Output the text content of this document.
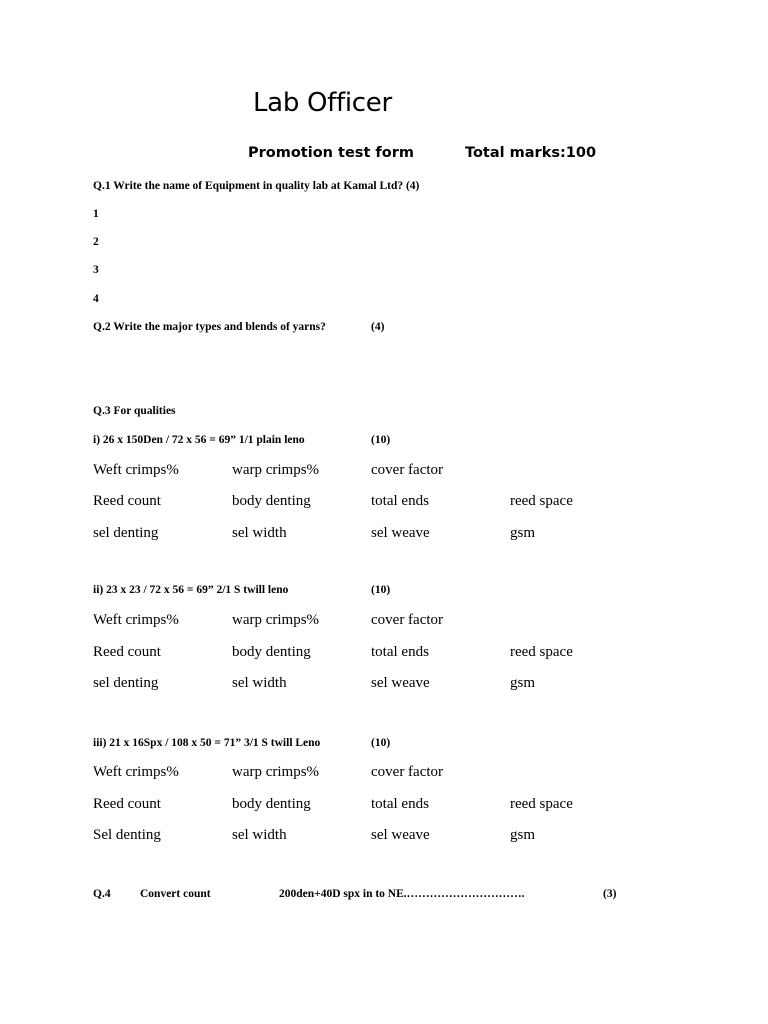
Lab Officer
Promotion test form	Total marks:100
Q.1 Write the name of Equipment in quality lab at Kamal Ltd? (4)
1
2
3
4
Q.2 Write the major types and blends of yarns?	(4)
Q.3 For qualities
i) 26 x 150Den / 72 x 56 = 69” 1/1 plain leno	(10)
Weft crimps%	warp crimps%	cover factor
Reed count	body denting	total ends	reed space
sel denting	sel width	sel weave	gsm
ii) 23 x 23 / 72 x 56 = 69” 2/1 S twill leno	(10)
Weft crimps%	warp crimps%	cover factor
Reed count	body denting	total ends	reed space
sel denting	sel width	sel weave	gsm
iii) 21 x 16Spx / 108 x 50 = 71” 3/1 S twill Leno	(10)
Weft crimps%	warp crimps%	cover factor
Reed count	body denting	total ends	reed space
Sel denting	sel width	sel weave	gsm
Q.4	Convert count	200den+40D spx in to NE.………………………….	(3)
